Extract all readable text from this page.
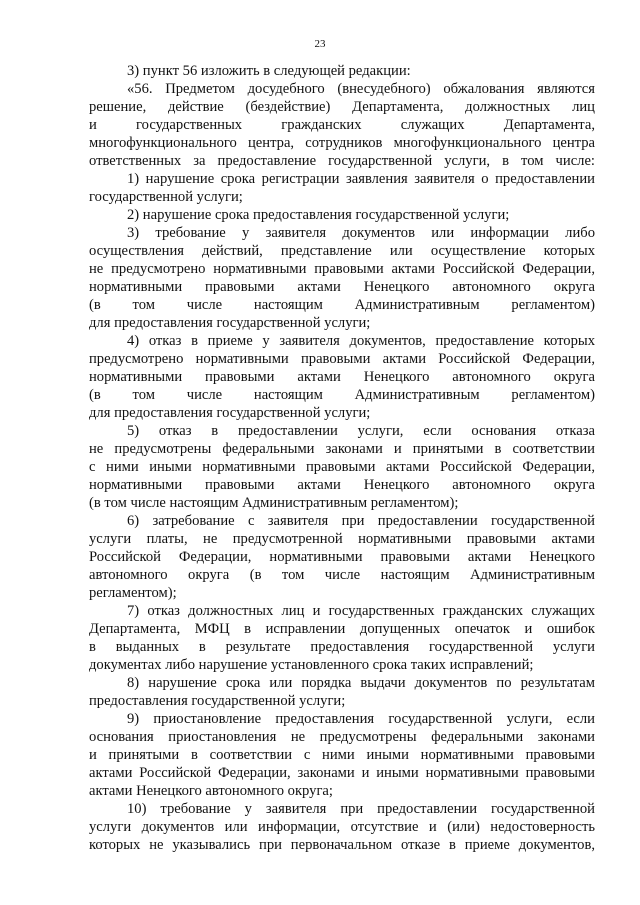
23
3) пункт 56 изложить в следующей редакции:
«56. Предметом досудебного (внесудебного) обжалования являются
решение, действие (бездействие) Департамента, должностных лиц
и государственных гражданских служащих Департамента,
многофункционального центра, сотрудников многофункционального центра
ответственных за предоставление государственной услуги, в том числе:
1) нарушение срока регистрации заявления заявителя о предоставлении
государственной услуги;
2) нарушение срока предоставления государственной услуги;
3) требование у заявителя документов или информации либо
осуществления действий, представление или осуществление которых
не предусмотрено нормативными правовыми актами Российской Федерации,
нормативными правовыми актами Ненецкого автономного округа
(в том числе настоящим Административным регламентом)
для предоставления государственной услуги;
4) отказ в приеме у заявителя документов, предоставление которых
предусмотрено нормативными правовыми актами Российской Федерации,
нормативными правовыми актами Ненецкого автономного округа
(в том числе настоящим Административным регламентом)
для предоставления государственной услуги;
5) отказ в предоставлении услуги, если основания отказа
не предусмотрены федеральными законами и принятыми в соответствии
с ними иными нормативными правовыми актами Российской Федерации,
нормативными правовыми актами Ненецкого автономного округа
(в том числе настоящим Административным регламентом);
6) затребование с заявителя при предоставлении государственной
услуги платы, не предусмотренной нормативными правовыми актами
Российской Федерации, нормативными правовыми актами Ненецкого
автономного округа (в том числе настоящим Административным
регламентом);
7) отказ должностных лиц и государственных гражданских служащих
Департамента, МФЦ в исправлении допущенных опечаток и ошибок
в выданных в результате предоставления государственной услуги
документах либо нарушение установленного срока таких исправлений;
8) нарушение срока или порядка выдачи документов по результатам
предоставления государственной услуги;
9) приостановление предоставления государственной услуги, если
основания приостановления не предусмотрены федеральными законами
и принятыми в соответствии с ними иными нормативными правовыми
актами Российской Федерации, законами и иными нормативными правовыми
актами Ненецкого автономного округа;
10) требование у заявителя при предоставлении государственной
услуги документов или информации, отсутствие и (или) недостоверность
которых не указывались при первоначальном отказе в приеме документов,
